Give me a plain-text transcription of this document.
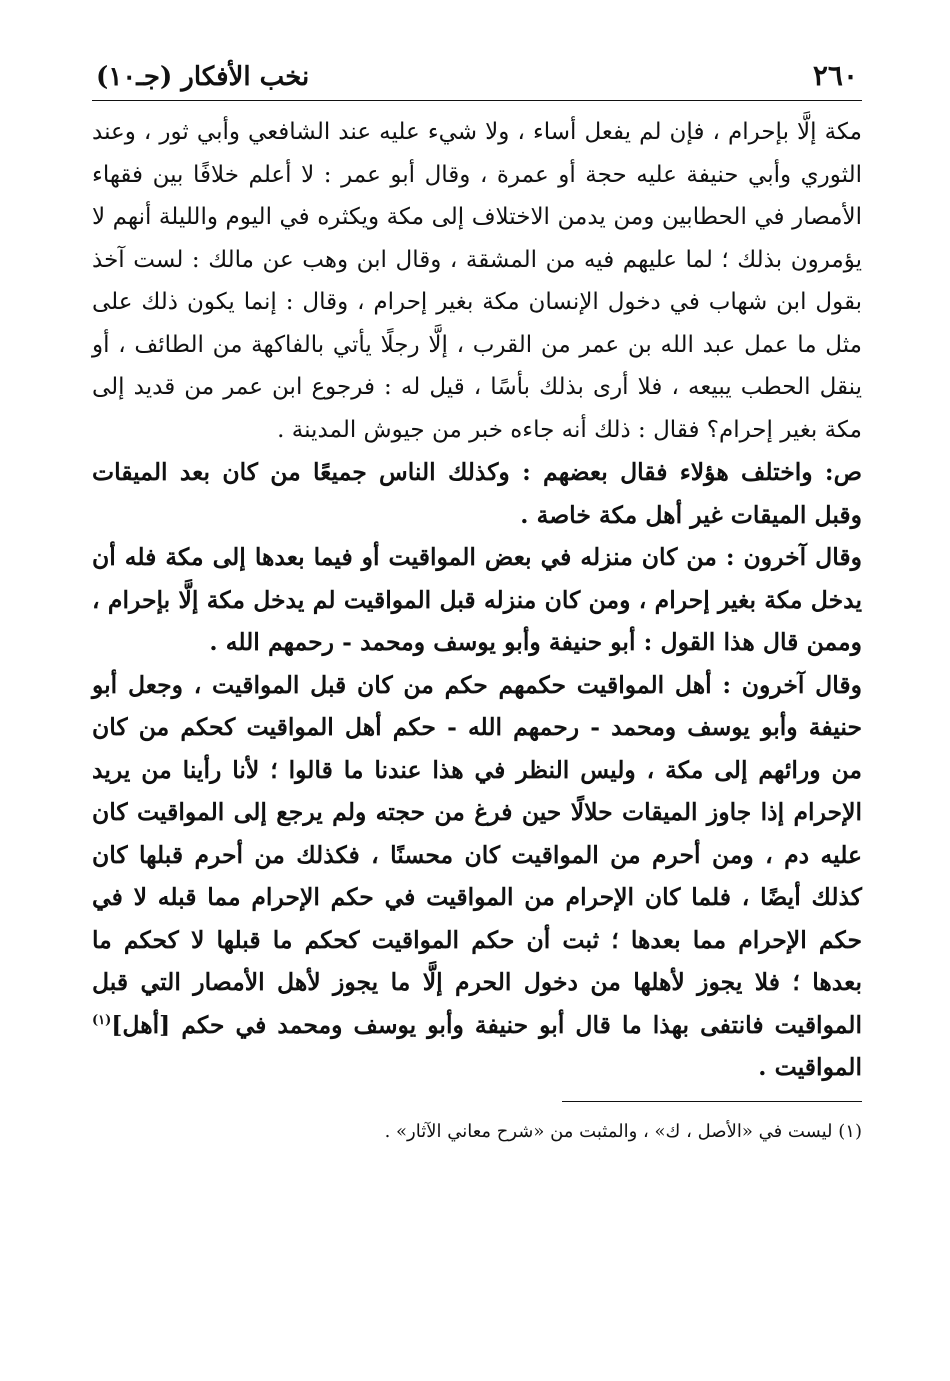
٢٦٠
نخب الأفكار (جـ١٠)

مكة إلَّا بإحرام ، فإن لم يفعل أساء ، ولا شيء عليه عند الشافعي وأبي ثور ، وعند الثوري وأبي حنيفة عليه حجة أو عمرة ، وقال أبو عمر : لا أعلم خلافًا بين فقهاء الأمصار في الحطابين ومن يدمن الاختلاف إلى مكة ويكثره في اليوم والليلة أنهم لا يؤمرون بذلك ؛ لما عليهم فيه من المشقة ، وقال ابن وهب عن مالك : لست آخذ بقول ابن شهاب في دخول الإنسان مكة بغير إحرام ، وقال : إنما يكون ذلك على مثل ما عمل عبد الله بن عمر من القرب ، إلَّا رجلًا يأتي بالفاكهة من الطائف ، أو ينقل الحطب يبيعه ، فلا أرى بذلك بأسًا ، قيل له : فرجوع ابن عمر من قديد إلى مكة بغير إحرام؟ فقال : ذلك أنه جاءه خبر من جيوش المدينة .

ص: واختلف هؤلاء فقال بعضهم : وكذلك الناس جميعًا من كان بعد الميقات وقبل الميقات غير أهل مكة خاصة .

وقال آخرون : من كان منزله في بعض المواقيت أو فيما بعدها إلى مكة فله أن يدخل مكة بغير إحرام ، ومن كان منزله قبل المواقيت لم يدخل مكة إلَّا بإحرام ، وممن قال هذا القول : أبو حنيفة وأبو يوسف ومحمد - رحمهم الله .

وقال آخرون : أهل المواقيت حكمهم حكم من كان قبل المواقيت ، وجعل أبو حنيفة وأبو يوسف ومحمد - رحمهم الله - حكم أهل المواقيت كحكم من كان من ورائهم إلى مكة ، وليس النظر في هذا عندنا ما قالوا ؛ لأنا رأينا من يريد الإحرام إذا جاوز الميقات حلالًا حين فرغ من حجته ولم يرجع إلى المواقيت كان عليه دم ، ومن أحرم من المواقيت كان محسنًا ، فكذلك من أحرم قبلها كان كذلك أيضًا ، فلما كان الإحرام من المواقيت في حكم الإحرام مما قبله لا في حكم الإحرام مما بعدها ؛ ثبت أن حكم المواقيت كحكم ما قبلها لا كحكم ما بعدها ؛ فلا يجوز لأهلها من دخول الحرم إلَّا ما يجوز لأهل الأمصار التي قبل المواقيت فانتفى بهذا ما قال أبو حنيفة وأبو يوسف ومحمد في حكم [أهل]$^{(١)}$ المواقيت .

(١) ليست في «الأصل ، ك» ، والمثبت من «شرح معاني الآثار» .
